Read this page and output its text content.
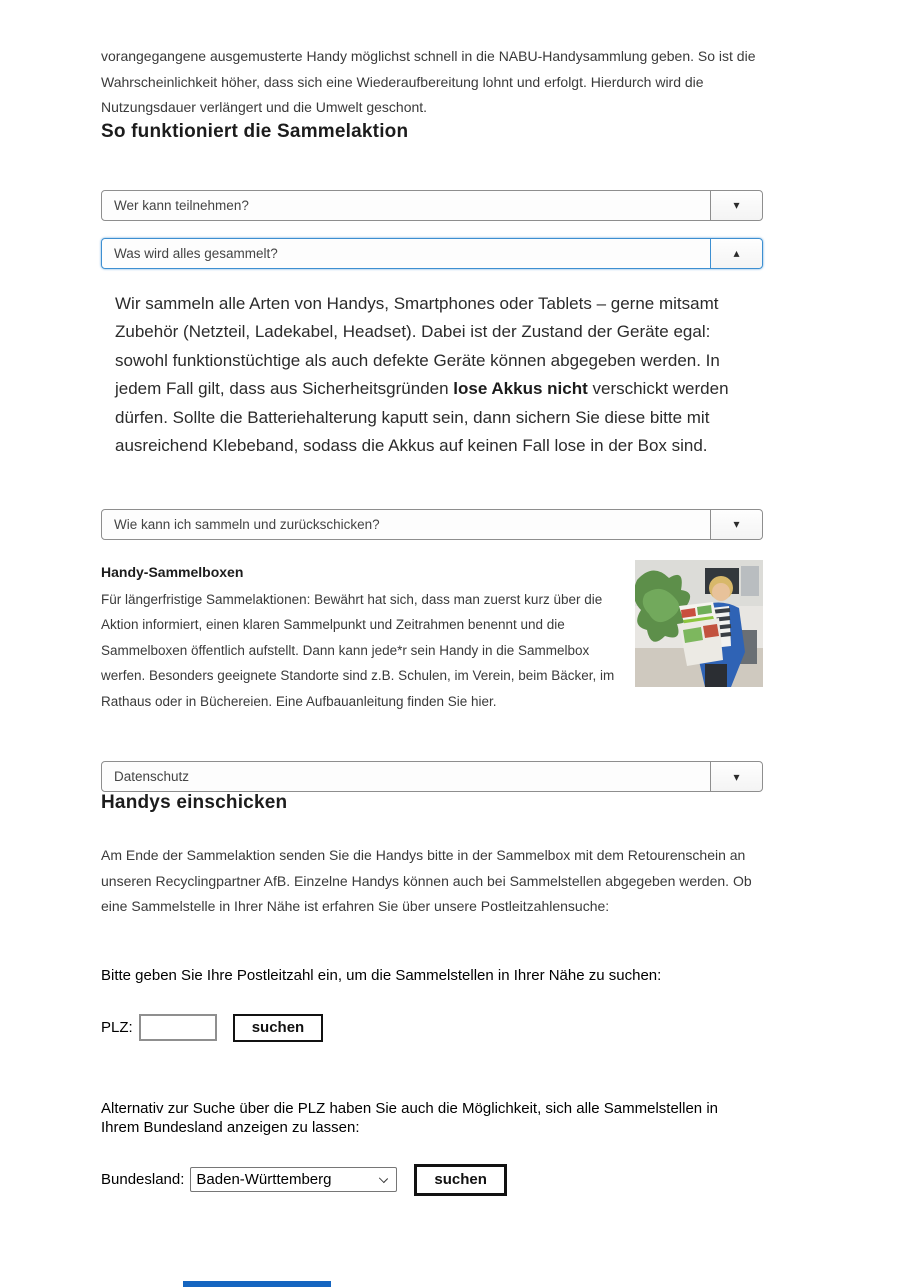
vorangegangene ausgemusterte Handy möglichst schnell in die NABU-Handysammlung geben. So ist die Wahrscheinlichkeit höher, dass sich eine Wiederaufbereitung lohnt und erfolgt. Hierdurch wird die Nutzungsdauer verlängert und die Umwelt geschont.

So funktioniert die Sammelaktion
Wer kann teilnehmen?	▾
Was wird alles gesammelt?	▴

Wir sammeln alle Arten von Handys, Smartphones oder Tablets – gerne mitsamt Zubehör (Netzteil, Ladekabel, Headset). Dabei ist der Zustand der Geräte egal: sowohl funktionstüchtige als auch defekte Geräte können abgegeben werden. In jedem Fall gilt, dass aus Sicherheitsgründen lose Akkus nicht verschickt werden dürfen. Sollte die Batteriehalterung kaputt sein, dann sichern Sie diese bitte mit ausreichend Klebeband, sodass die Akkus auf keinen Fall lose in der Box sind.

Wie kann ich sammeln und zurückschicken?	▾
Handy-Sammelboxen

Für längerfristige Sammelaktionen: Bewährt hat sich, dass man zuerst kurz über die Aktion informiert, einen klaren Sammelpunkt und Zeitrahmen benennt und die Sammelboxen öffentlich aufstellt. Dann kann jede*r sein Handy in die Sammelbox werfen. Besonders geeignete Standorte sind z.B. Schulen, im Verein, beim Bäcker, im Rathaus oder in Büchereien. Eine Aufbauanleitung finden Sie hier.

Datenschutz	▾
Handys einschicken

Am Ende der Sammelaktion senden Sie die Handys bitte in der Sammelbox mit dem Retourenschein an unseren Recyclingpartner AfB. Einzelne Handys können auch bei Sammelstellen abgegeben werden. Ob eine Sammelstelle in Ihrer Nähe ist erfahren Sie über unsere Postleitzahlensuche:

Bitte geben Sie Ihre Postleitzahl ein, um die Sammelstellen in Ihrer Nähe zu suchen:

PLZ:	suchen

Alternativ zur Suche über die PLZ haben Sie auch die Möglichkeit, sich alle Sammelstellen in Ihrem Bundesland anzeigen zu lassen:

Bundesland: Baden-Württemberg	suchen
